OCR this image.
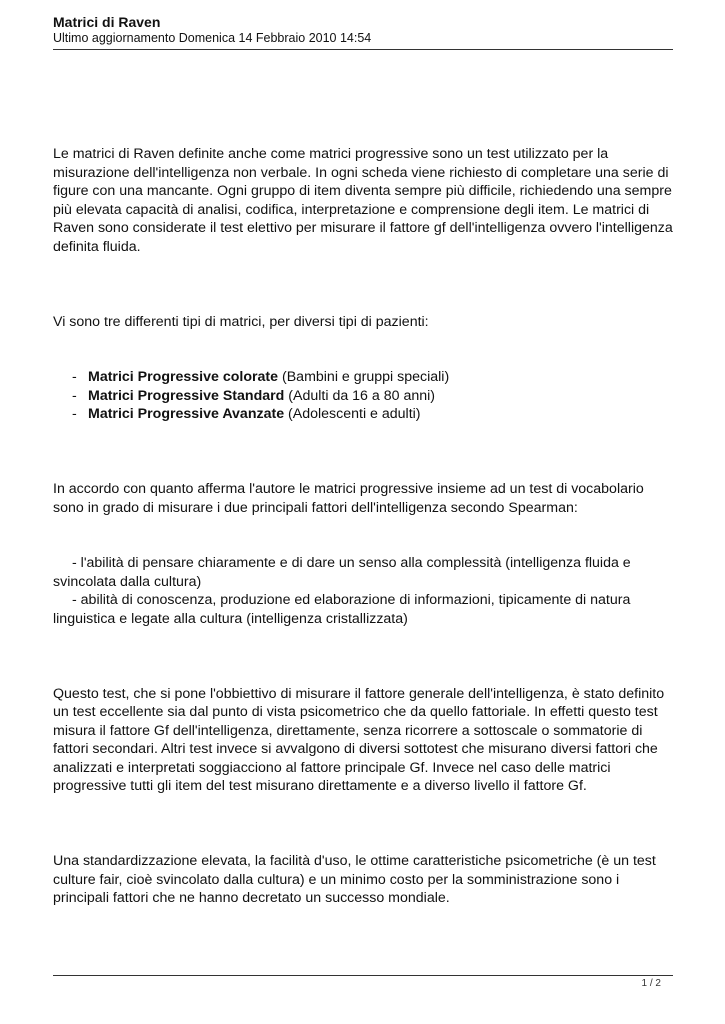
Matrici di Raven
Ultimo aggiornamento Domenica 14 Febbraio 2010 14:54

Le matrici di Raven definite anche come matrici progressive sono un test utilizzato per la misurazione dell'intelligenza non verbale. In ogni scheda viene richiesto di completare una serie di figure con una mancante. Ogni gruppo di item diventa sempre più difficile, richiedendo una sempre più elevata capacità di analisi, codifica, interpretazione e comprensione degli item. Le matrici di Raven sono considerate il test elettivo per misurare il fattore gf dell'intelligenza ovvero l'intelligenza definita fluida.

Vi sono tre differenti tipi di matrici, per diversi tipi di pazienti:

- Matrici Progressive colorate (Bambini e gruppi speciali)
- Matrici Progressive Standard (Adulti da 16 a 80 anni)
- Matrici Progressive Avanzate (Adolescenti e adulti)

In accordo con quanto afferma l'autore le matrici progressive insieme ad un test di vocabolario sono in grado di misurare i due principali fattori dell'intelligenza secondo Spearman:

- l'abilità di pensare chiaramente e di dare un senso alla complessità (intelligenza fluida e svincolata dalla cultura)

- abilità di conoscenza, produzione ed elaborazione di informazioni, tipicamente di natura linguistica e legate alla cultura (intelligenza cristallizzata)

Questo test, che si pone l'obbiettivo di misurare il fattore generale dell'intelligenza, è stato definito un test eccellente sia dal punto di vista psicometrico che da quello fattoriale. In effetti questo test misura il fattore Gf dell'intelligenza, direttamente, senza ricorrere a sottoscale o sommatorie di fattori secondari. Altri test invece si avvalgono di diversi sottotest che misurano diversi fattori che analizzati e interpretati soggiacciono al fattore principale Gf. Invece nel caso delle matrici progressive tutti gli item del test misurano direttamente e a diverso livello il fattore Gf.

Una standardizzazione elevata, la facilità d'uso, le ottime caratteristiche psicometriche (è un test culture fair, cioè svincolato dalla cultura) e un minimo costo per la somministrazione sono i principali fattori che ne hanno decretato un successo mondiale.

1 / 2
